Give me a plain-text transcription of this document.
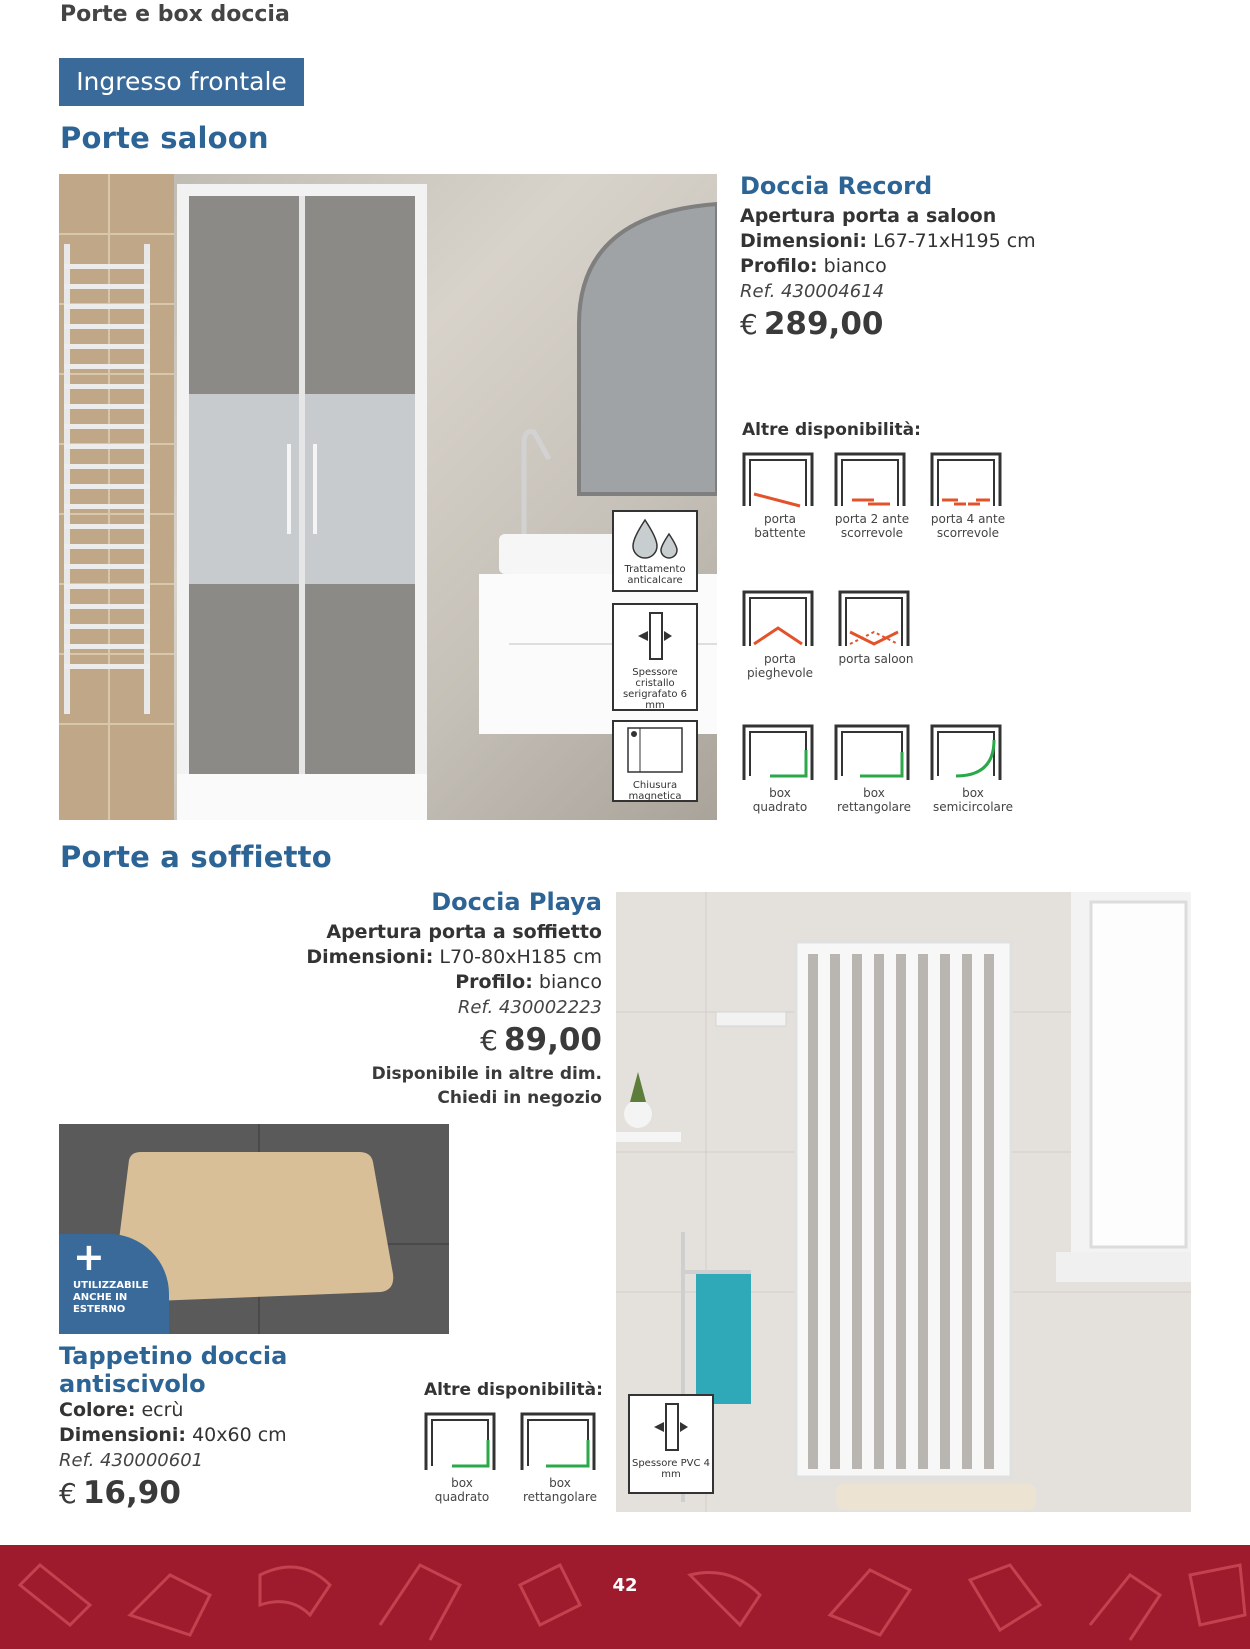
Porte e box doccia
Ingresso frontale
Porte saloon
Trattamento anticalcare
Spessore cristallo serigrafato 6 mm
Chiusura magnetica
Doccia Record
Apertura porta a saloon
Dimensioni: L67-71xH195 cm
Profilo: bianco
Ref. 430004614
€ 289,00
Altre disponibilità:
porta battente
porta 2 ante scorrevole
porta 4 ante scorrevole
porta pieghevole
porta saloon
box quadrato
box rettangolare
box semicircolare
Porte a soffietto
Doccia Playa
Apertura porta a soffietto
Dimensioni: L70-80xH185 cm
Profilo: bianco
Ref. 430002223
€ 89,00
Disponibile in altre dim.
Chiedi in negozio
Spessore PVC 4 mm
Altre disponibilità:
box quadrato
box rettangolare
+
UTILIZZABILE ANCHE IN ESTERNO
Tappetino doccia
antiscivolo
Colore: ecrù
Dimensioni: 40x60 cm
Ref. 430000601
€ 16,90
42
